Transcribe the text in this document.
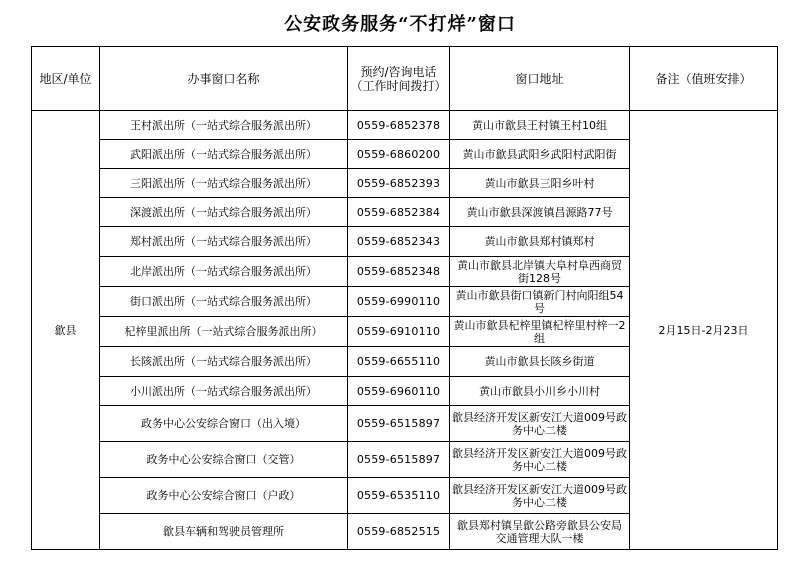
公安政务服务“不打烊”窗口
地区/单位	办事窗口名称	预约/咨询电话（工作时间拨打）	窗口地址	备注（值班安排）
歙县	王村派出所（一站式综合服务派出所）	0559-6852378	黄山市歙县王村镇王村10组	2月15日-2月23日
	武阳派出所（一站式综合服务派出所）	0559-6860200	黄山市歙县武阳乡武阳村武阳街	
	三阳派出所（一站式综合服务派出所）	0559-6852393	黄山市歙县三阳乡叶村	
	深渡派出所（一站式综合服务派出所）	0559-6852384	黄山市歙县深渡镇昌源路77号	
	郑村派出所（一站式综合服务派出所）	0559-6852343	黄山市歙县郑村镇郑村	
	北岸派出所（一站式综合服务派出所）	0559-6852348	黄山市歙县北岸镇大阜村阜西商贸街128号	
	街口派出所（一站式综合服务派出所）	0559-6990110	黄山市歙县街口镇新门村向阳组54号	
	杞梓里派出所（一站式综合服务派出所）	0559-6910110	黄山市歙县杞梓里镇杞梓里村梓一2组	
	长陔派出所（一站式综合服务派出所）	0559-6655110	黄山市歙县长陔乡街道	
	小川派出所（一站式综合服务派出所）	0559-6960110	黄山市歙县小川乡小川村	
	政务中心公安综合窗口（出入境）	0559-6515897	歙县经济开发区新安江大道009号政务中心二楼	
	政务中心公安综合窗口（交管）	0559-6515897	歙县经济开发区新安江大道009号政务中心二楼	
	政务中心公安综合窗口（户政）	0559-6535110	歙县经济开发区新安江大道009号政务中心二楼	
	歙县车辆和驾驶员管理所	0559-6852515	歙县郑村镇呈歙公路旁歙县公安局交通管理大队一楼	
